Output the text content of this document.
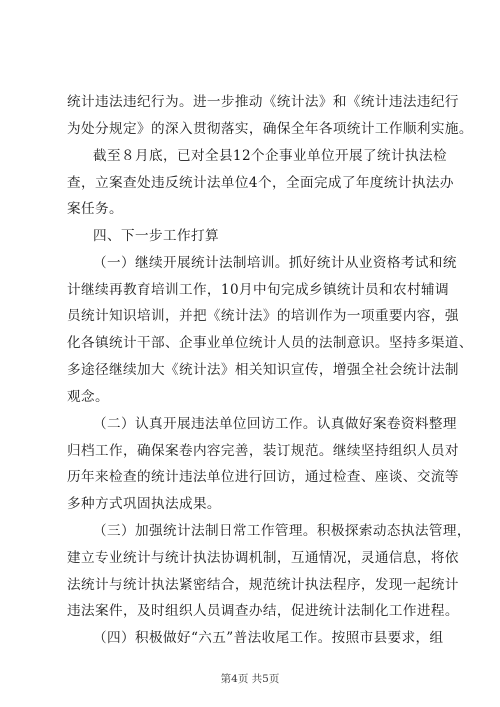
统计违法违纪行为。进一步推动《统计法》和《统计违法违纪行
为处分规定》的深入贯彻落实，确保全年各项统计工作顺利实施。
截至８月底，已对全县12个企事业单位开展了统计执法检
查，立案查处违反统计法单位4个，全面完成了年度统计执法办
案任务。
四、下一步工作打算
（一）继续开展统计法制培训。抓好统计从业资格考试和统
计继续再教育培训工作，10月中旬完成乡镇统计员和农村辅调
员统计知识培训，并把《统计法》的培训作为一项重要内容，强
化各镇统计干部、企事业单位统计人员的法制意识。坚持多渠道、
多途径继续加大《统计法》相关知识宣传，增强全社会统计法制
观念。
（二）认真开展违法单位回访工作。认真做好案卷资料整理
归档工作，确保案卷内容完善，装订规范。继续坚持组织人员对
历年来检查的统计违法单位进行回访，通过检查、座谈、交流等
多种方式巩固执法成果。
（三）加强统计法制日常工作管理。积极探索动态执法管理，
建立专业统计与统计执法协调机制，互通情况，灵通信息，将依
法统计与统计执法紧密结合，规范统计执法程序，发现一起统计
违法案件，及时组织人员调查办结，促进统计法制化工作进程。
（四）积极做好“六五”普法收尾工作。按照市县要求，组
第4页 共5页
